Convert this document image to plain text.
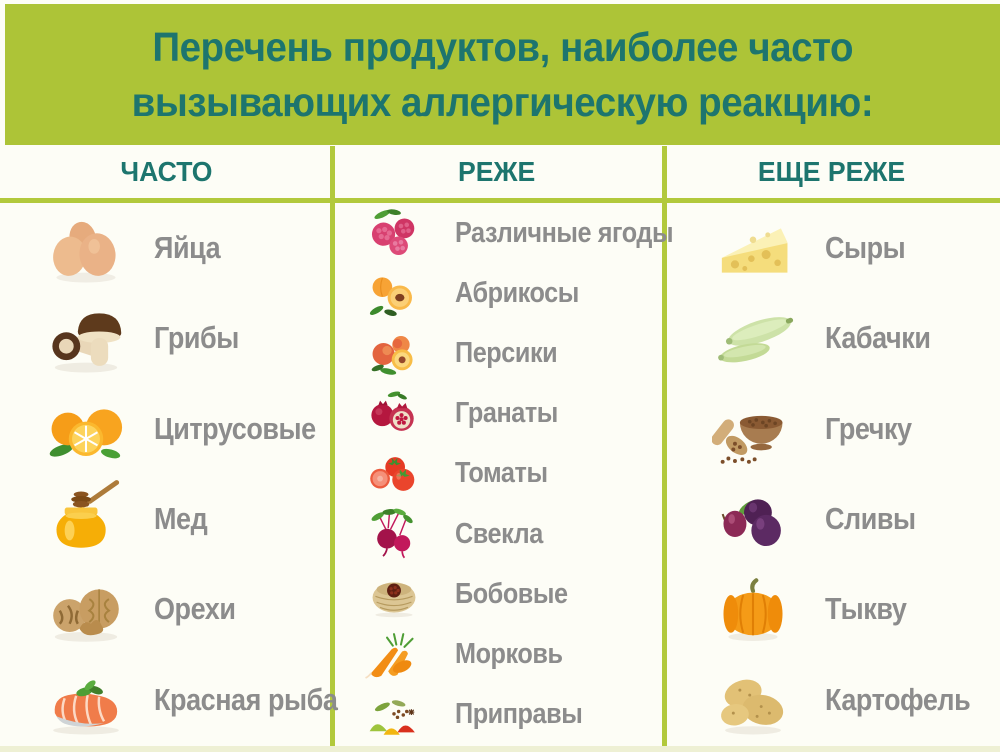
Перечень продуктов, наиболее часто
вызывающих аллергическую реакцию:
ЧАСТО	РЕЖЕ	ЕЩЕ РЕЖЕ
Яйца
Грибы
Цитрусовые
Мед
Орехи
Красная рыба
Различные ягоды
Абрикосы
Персики
Гранаты
Томаты
Свекла
Бобовые
Морковь
Приправы
Сыры
Кабачки
Гречку
Сливы
Тыкву
Картофель
